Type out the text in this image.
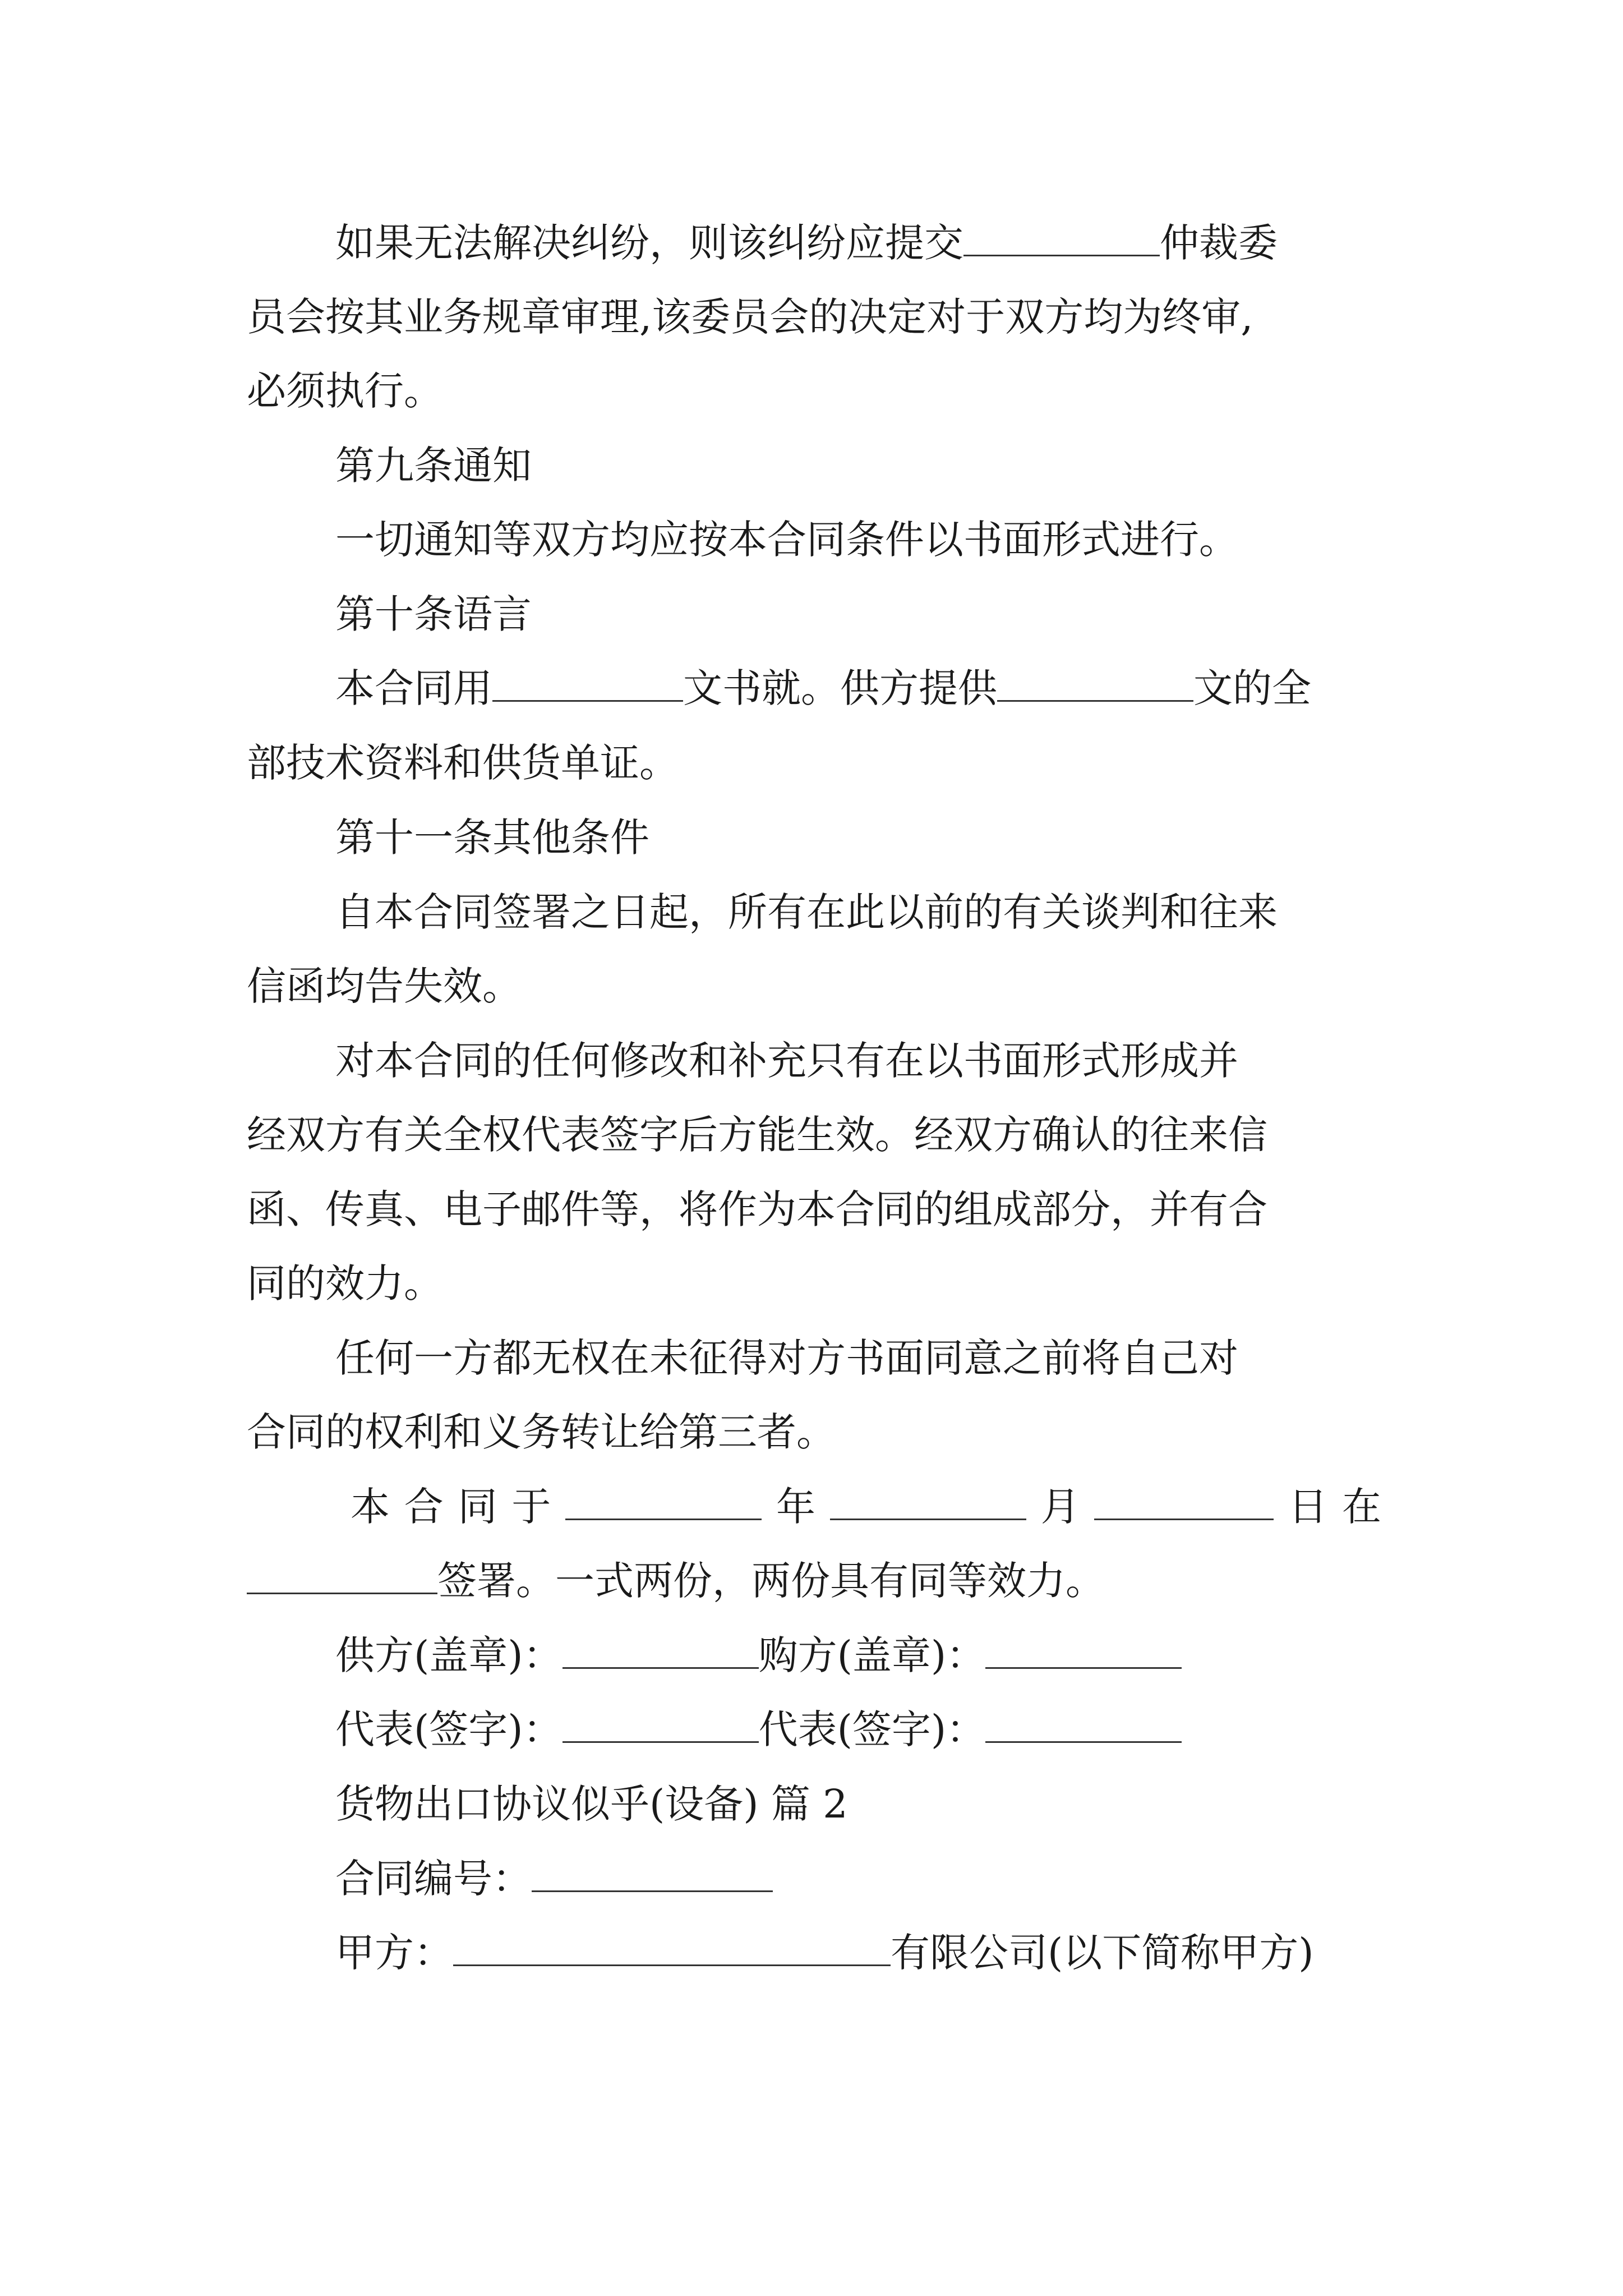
如果无法解决纠纷，则该纠纷应提交	仲裁委
员会按其业务规章审理,该委员会的决定对于双方均为终审,
必须执行。
第九条通知
一切通知等双方均应按本合同条件以书面形式进行。
第十条语言
本合同用	文书就。供方提供	文的全
部技术资料和供货单证。
第十一条其他条件
自本合同签署之日起，所有在此以前的有关谈判和往来
信函均告失效。
对本合同的任何修改和补充只有在以书面形式形成并
经双方有关全权代表签字后方能生效。经双方确认的往来信
函、传真、电子邮件等，将作为本合同的组成部分，并有合
同的效力。
任何一方都无权在未征得对方书面同意之前将自己对
合同的权利和义务转让给第三者。
本 合 同 于	年	月	日 在
签署。一式两份，两份具有同等效力。
供方(盖章)：	购方(盖章)：
代表(签字)：	代表(签字)：
货物出口协议似乎(设备) 篇 2
合同编号：
甲方：	有限公司(以下简称甲方)
